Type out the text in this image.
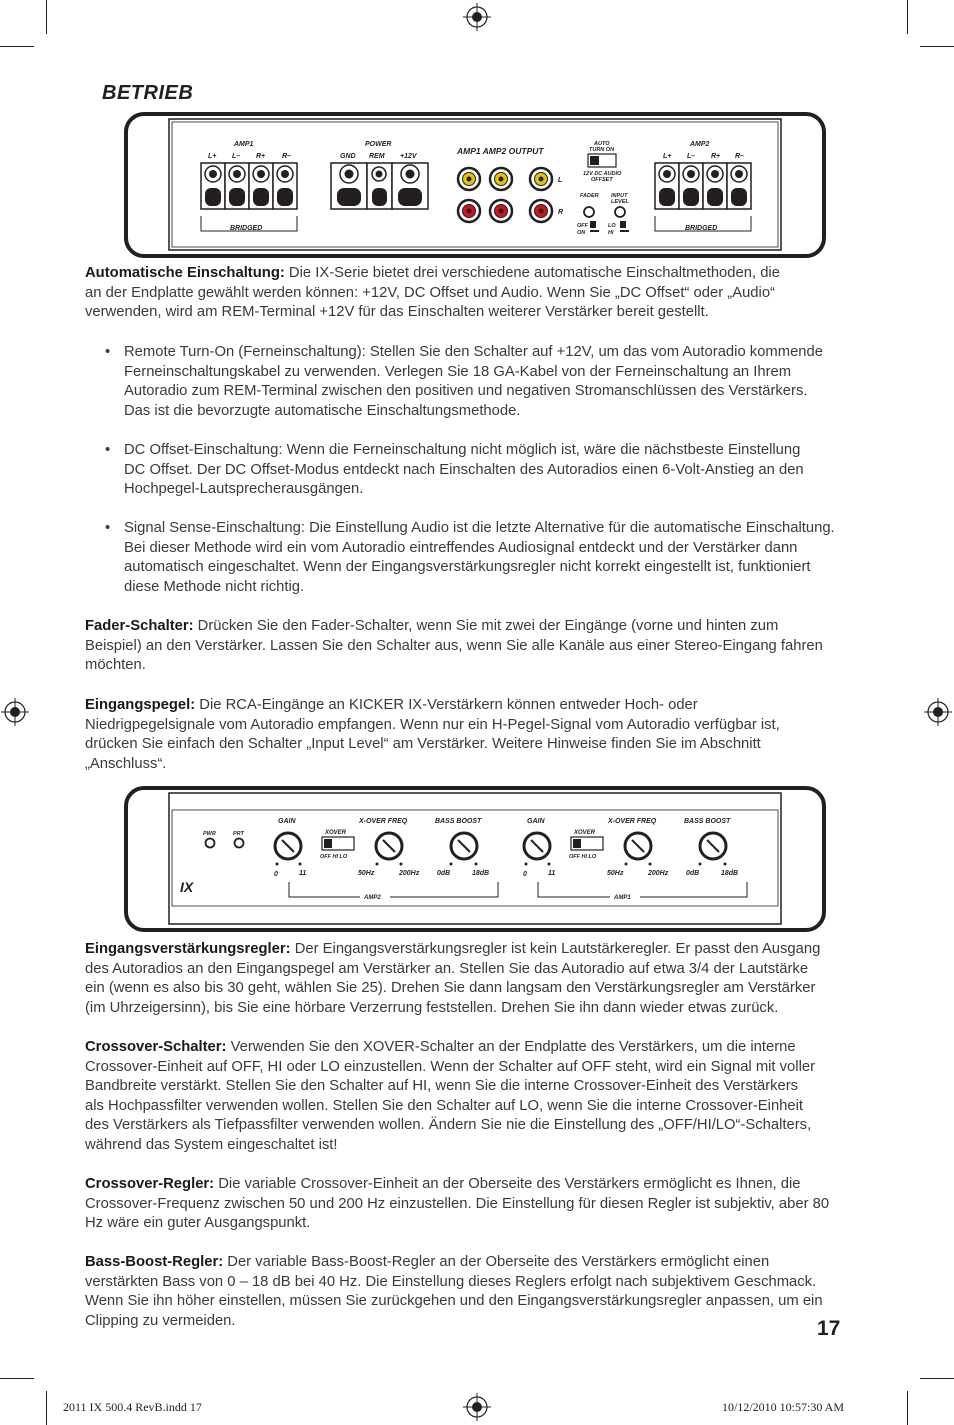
BETRIEB
AMP1
L+ L– R+ R–
BRIDGED
POWER
GND REM +12V
AMP1 AMP2 OUTPUT
L
R
AUTO
TURN ON
12V DC AUDIO
OFFSET
FADER INPUT
LEVEL
OFF
ON
LO
HI
AMP2
L+ L– R+ R–
BRIDGED
Automatische Einschaltung: Die IX-Serie bietet drei verschiedene automatische Einschaltmethoden, die
an der Endplatte gewählt werden können: +12V, DC Offset und Audio. Wenn Sie „DC Offset“ oder „Audio“
verwenden, wird am REM-Terminal +12V für das Einschalten weiterer Verstärker bereit gestellt.
• Remote Turn-On (Ferneinschaltung): Stellen Sie den Schalter auf +12V, um das vom Autoradio kommende
Ferneinschaltungskabel zu verwenden. Verlegen Sie 18 GA-Kabel von der Ferneinschaltung an Ihrem
Autoradio zum REM-Terminal zwischen den positiven und negativen Stromanschlüssen des Verstärkers.
Das ist die bevorzugte automatische Einschaltungsmethode.
• DC Offset-Einschaltung: Wenn die Ferneinschaltung nicht möglich ist, wäre die nächstbeste Einstellung
DC Offset. Der DC Offset-Modus entdeckt nach Einschalten des Autoradios einen 6-Volt-Anstieg an den
Hochpegel-Lautsprecherausgängen.
• Signal Sense-Einschaltung: Die Einstellung Audio ist die letzte Alternative für die automatische Einschaltung.
Bei dieser Methode wird ein vom Autoradio eintreffendes Audiosignal entdeckt und der Verstärker dann
automatisch eingeschaltet. Wenn der Eingangsverstärkungsregler nicht korrekt eingestellt ist, funktioniert
diese Methode nicht richtig.
Fader-Schalter: Drücken Sie den Fader-Schalter, wenn Sie mit zwei der Eingänge (vorne und hinten zum
Beispiel) an den Verstärker. Lassen Sie den Schalter aus, wenn Sie alle Kanäle aus einer Stereo-Eingang fahren
möchten.
Eingangspegel: Die RCA-Eingänge an KICKER IX-Verstärkern können entweder Hoch- oder
Niedrigpegelsignale vom Autoradio empfangen. Wenn nur ein H-Pegel-Signal vom Autoradio verfügbar ist,
drücken Sie einfach den Schalter „Input Level“ am Verstärker. Weitere Hinweise finden Sie im Abschnitt
„Anschluss“.
PWR	PRT
IX
GAIN	X-OVER FREQ	BASS BOOST
XOVER
OFF HI LO
0	11	50Hz	200Hz	0dB	18dB
AMP2
GAIN	X-OVER FREQ	BASS BOOST
XOVER
OFF HI LO
0	11	50Hz	200Hz	0dB	18dB
AMP1
Eingangsverstärkungsregler: Der Eingangsverstärkungsregler ist kein Lautstärkeregler. Er passt den Ausgang
des Autoradios an den Eingangspegel am Verstärker an. Stellen Sie das Autoradio auf etwa 3/4 der Lautstärke
ein (wenn es also bis 30 geht, wählen Sie 25). Drehen Sie dann langsam den Verstärkungsregler am Verstärker
(im Uhrzeigersinn), bis Sie eine hörbare Verzerrung feststellen. Drehen Sie ihn dann wieder etwas zurück.
Crossover-Schalter: Verwenden Sie den XOVER-Schalter an der Endplatte des Verstärkers, um die interne
Crossover-Einheit auf OFF, HI oder LO einzustellen. Wenn der Schalter auf OFF steht, wird ein Signal mit voller
Bandbreite verstärkt. Stellen Sie den Schalter auf HI, wenn Sie die interne Crossover-Einheit des Verstärkers
als Hochpassfilter verwenden wollen. Stellen Sie den Schalter auf LO, wenn Sie die interne Crossover-Einheit
des Verstärkers als Tiefpassfilter verwenden wollen. Ändern Sie nie die Einstellung des „OFF/HI/LO“-Schalters,
während das System eingeschaltet ist!
Crossover-Regler: Die variable Crossover-Einheit an der Oberseite des Verstärkers ermöglicht es Ihnen, die
Crossover-Frequenz zwischen 50 und 200 Hz einzustellen. Die Einstellung für diesen Regler ist subjektiv, aber 80
Hz wäre ein guter Ausgangspunkt.
Bass-Boost-Regler: Der variable Bass-Boost-Regler an der Oberseite des Verstärkers ermöglicht einen
verstärkten Bass von 0 – 18 dB bei 40 Hz. Die Einstellung dieses Reglers erfolgt nach subjektivem Geschmack.
Wenn Sie ihn höher einstellen, müssen Sie zurückgehen und den Eingangsverstärkungsregler anpassen, um ein
Clipping zu vermeiden.	17
2011 IX 500.4 RevB.indd 17	10/12/2010 10:57:30 AM
